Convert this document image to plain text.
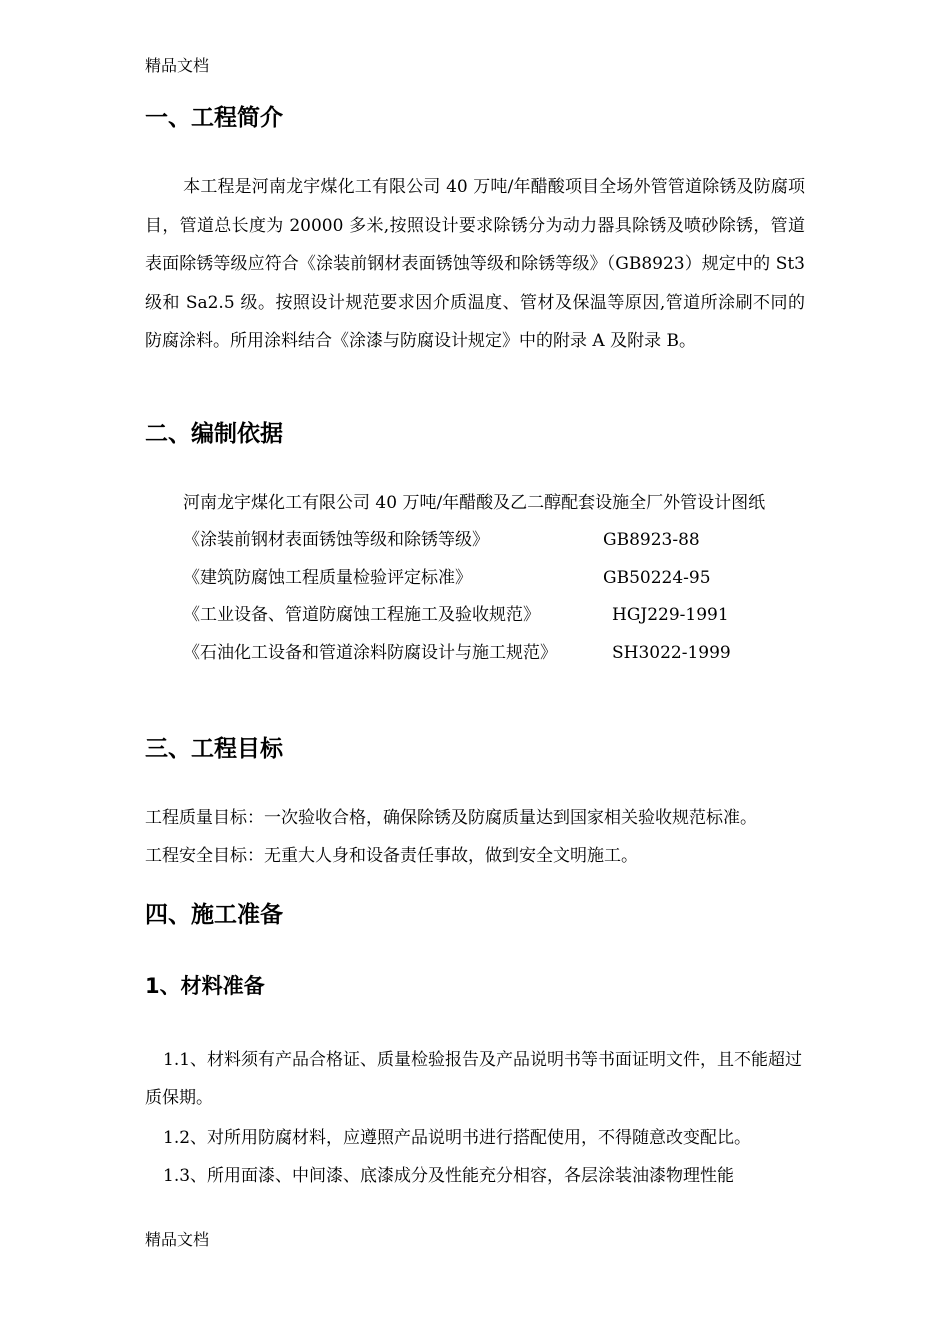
精品文档
一、工程简介
本工程是河南龙宇煤化工有限公司 40 万吨/年醋酸项目全场外管管道除锈及防腐项目，管道总长度为 20000 多米,按照设计要求除锈分为动力器具除锈及喷砂除锈，管道表面除锈等级应符合《涂装前钢材表面锈蚀等级和除锈等级》（GB8923）规定中的 St3 级和 Sa2.5 级。按照设计规范要求因介质温度、管材及保温等原因,管道所涂刷不同的防腐涂料。所用涂料结合《涂漆与防腐设计规定》中的附录 A 及附录 B。
二、编制依据
河南龙宇煤化工有限公司 40 万吨/年醋酸及乙二醇配套设施全厂外管设计图纸
《涂装前钢材表面锈蚀等级和除锈等级》	GB8923-88
《建筑防腐蚀工程质量检验评定标准》	GB50224-95
《工业设备、管道防腐蚀工程施工及验收规范》	HGJ229-1991
《石油化工设备和管道涂料防腐设计与施工规范》	SH3022-1999
三、工程目标
工程质量目标：一次验收合格，确保除锈及防腐质量达到国家相关验收规范标准。
工程安全目标：无重大人身和设备责任事故，做到安全文明施工。
四、施工准备
1、材料准备
1.1、材料须有产品合格证、质量检验报告及产品说明书等书面证明文件，且不能超过质保期。
1.2、对所用防腐材料，应遵照产品说明书进行搭配使用，不得随意改变配比。
1.3、所用面漆、中间漆、底漆成分及性能充分相容，各层涂装油漆物理性能
精品文档
